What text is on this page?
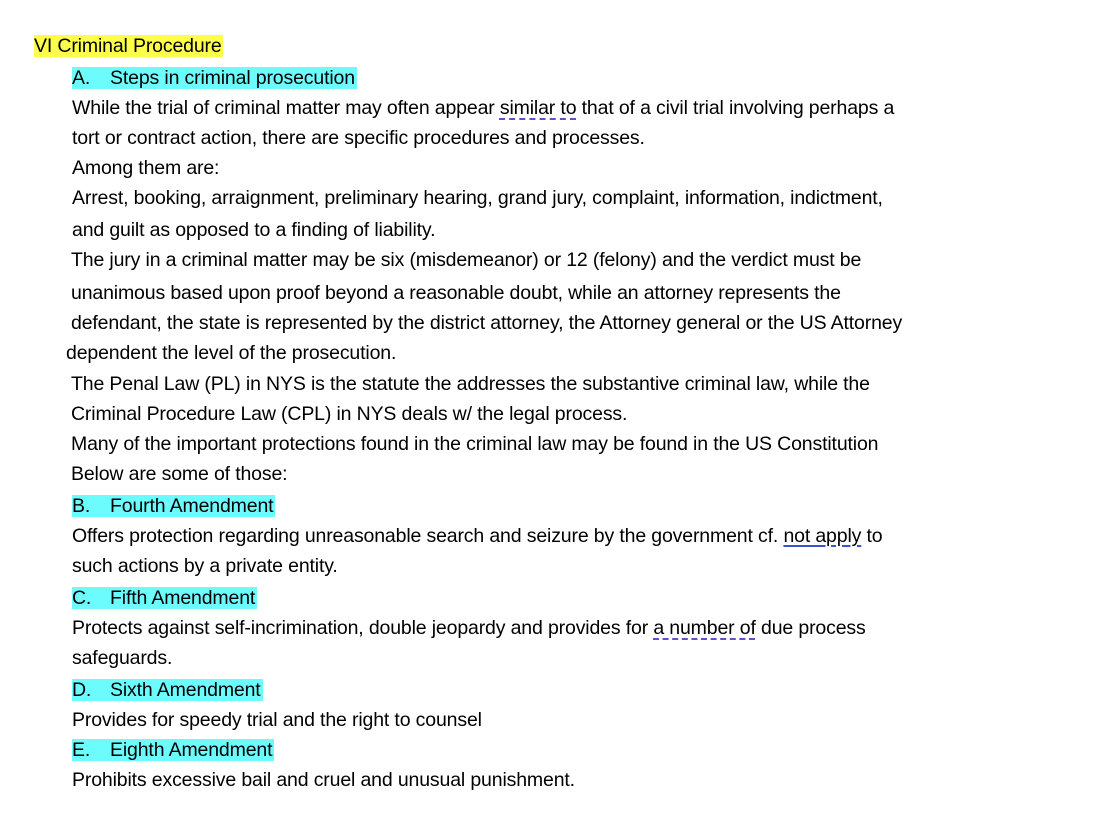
VI Criminal Procedure
A. Steps in criminal prosecution
While the trial of criminal matter may often appear similar to that of a civil trial involving perhaps a
tort or contract action, there are specific procedures and processes.
Among them are:
Arrest, booking, arraignment, preliminary hearing, grand jury, complaint, information, indictment,
and guilt as opposed to a finding of liability.
The jury in a criminal matter may be six (misdemeanor) or 12 (felony) and the verdict must be
unanimous based upon proof beyond a reasonable doubt, while an attorney represents the
defendant, the state is represented by the district attorney, the Attorney general or the US Attorney
dependent the level of the prosecution.
The Penal Law (PL) in NYS is the statute the addresses the substantive criminal law, while the
Criminal Procedure Law (CPL) in NYS deals w/ the legal process.
Many of the important protections found in the criminal law may be found in the US Constitution
Below are some of those:
B. Fourth Amendment
Offers protection regarding unreasonable search and seizure by the government cf. not apply to
such actions by a private entity.
C. Fifth Amendment
Protects against self-incrimination, double jeopardy and provides for a number of due process
safeguards.
D. Sixth Amendment
Provides for speedy trial and the right to counsel
E. Eighth Amendment
Prohibits excessive bail and cruel and unusual punishment.
